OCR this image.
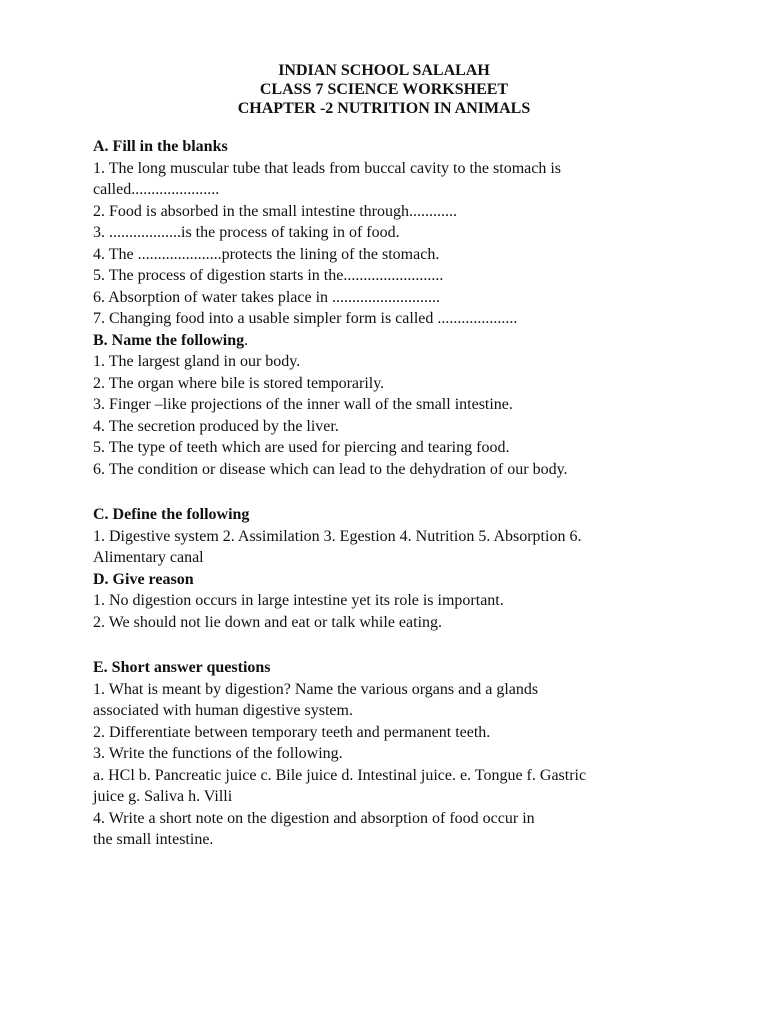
INDIAN SCHOOL SALALAH
CLASS 7 SCIENCE WORKSHEET
CHAPTER -2 NUTRITION IN ANIMALS
A. Fill in the blanks
1. The long muscular tube that leads from buccal cavity to the stomach is
called......................
2. Food is absorbed in the small intestine through............
3. ..................is the process of taking in of food.
4. The .....................protects the lining of the stomach.
5. The process of digestion starts in the.........................
6. Absorption of water takes place in ...........................
7. Changing food into a usable simpler form is called ....................
B. Name the following.
1. The largest gland in our body.
2. The organ where bile is stored temporarily.
3. Finger –like projections of the inner wall of the small intestine.
4. The secretion produced by the liver.
5. The type of teeth which are used for piercing and tearing food.
6. The condition or disease which can lead to the dehydration of our body.
C. Define the following
1. Digestive system 2. Assimilation 3. Egestion 4. Nutrition 5. Absorption 6.
Alimentary canal
D. Give reason
1. No digestion occurs in large intestine yet its role is important.
2. We should not lie down and eat or talk while eating.
E. Short answer questions
1. What is meant by digestion? Name the various organs and a glands
associated with human digestive system.
2. Differentiate between temporary teeth and permanent teeth.
3. Write the functions of the following.
a. HCl b. Pancreatic juice c. Bile juice d. Intestinal juice. e. Tongue f. Gastric
juice g. Saliva h. Villi
4. Write a short note on the digestion and absorption of food occur in
the small intestine.
